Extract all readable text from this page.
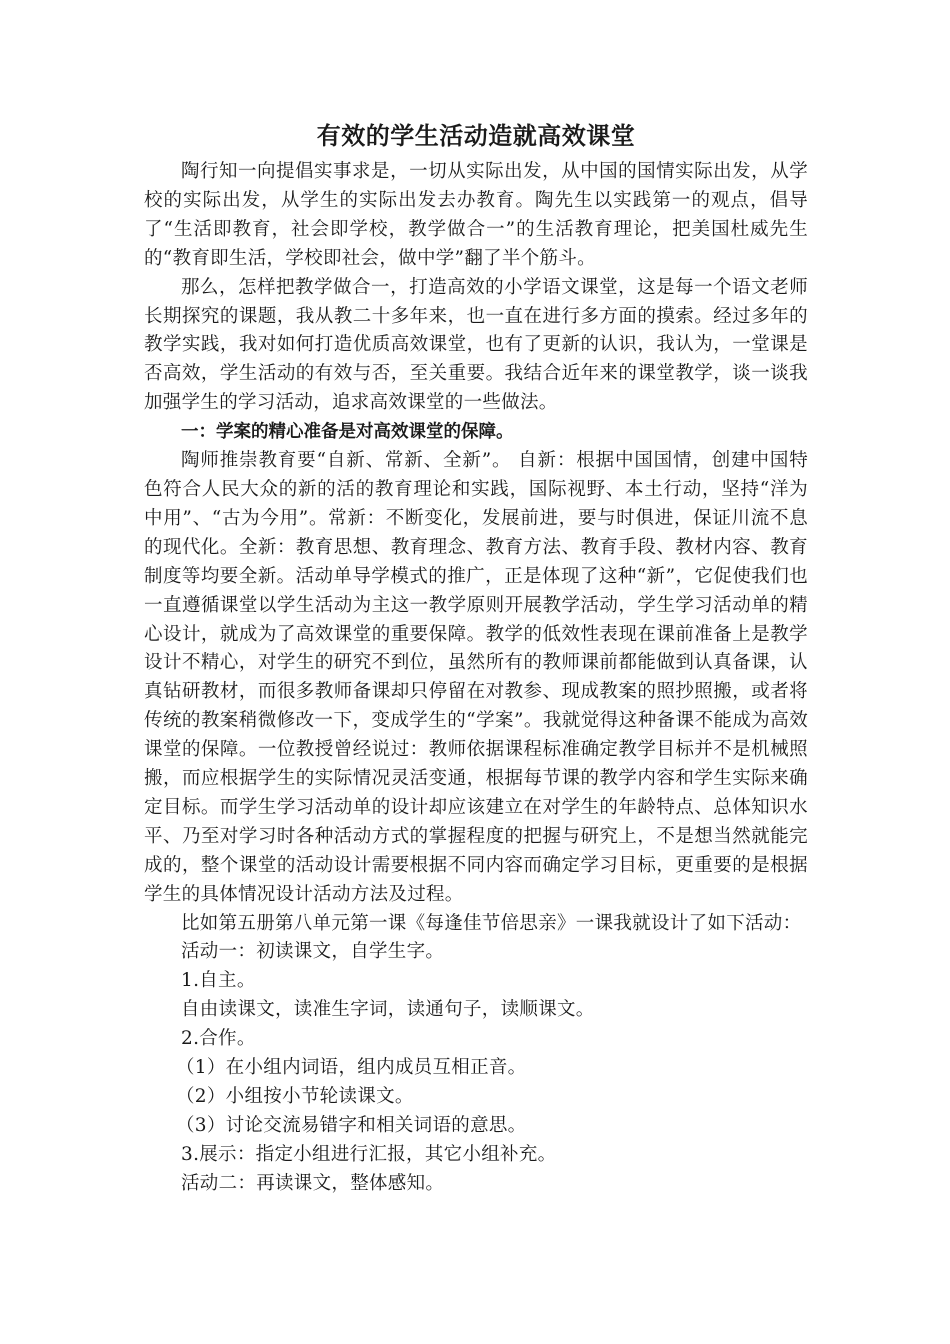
有效的学生活动造就高效课堂

陶行知一向提倡实事求是，一切从实际出发，从中国的国情实际出发，从学校的实际出发，从学生的实际出发去办教育。陶先生以实践第一的观点，倡导了“生活即教育，社会即学校，教学做合一”的生活教育理论，把美国杜威先生的“教育即生活，学校即社会，做中学”翻了半个筋斗。

那么，怎样把教学做合一，打造高效的小学语文课堂，这是每一个语文老师长期探究的课题，我从教二十多年来，也一直在进行多方面的摸索。经过多年的教学实践，我对如何打造优质高效课堂，也有了更新的认识，我认为，一堂课是否高效，学生活动的有效与否，至关重要。我结合近年来的课堂教学，谈一谈我加强学生的学习活动，追求高效课堂的一些做法。

一：学案的精心准备是对高效课堂的保障。

陶师推崇教育要“自新、常新、全新”。 自新：根据中国国情，创建中国特色符合人民大众的新的活的教育理论和实践，国际视野、本土行动，坚持“洋为中用”、“古为今用”。常新：不断变化，发展前进，要与时俱进，保证川流不息的现代化。全新：教育思想、教育理念、教育方法、教育手段、教材内容、教育制度等均要全新。活动单导学模式的推广，正是体现了这种“新”，它促使我们也一直遵循课堂以学生活动为主这一教学原则开展教学活动，学生学习活动单的精心设计，就成为了高效课堂的重要保障。教学的低效性表现在课前准备上是教学设计不精心，对学生的研究不到位，虽然所有的教师课前都能做到认真备课，认真钻研教材，而很多教师备课却只停留在对教参、现成教案的照抄照搬，或者将传统的教案稍微修改一下，变成学生的“学案”。我就觉得这种备课不能成为高效课堂的保障。一位教授曾经说过：教师依据课程标准确定教学目标并不是机械照搬，而应根据学生的实际情况灵活变通，根据每节课的教学内容和学生实际来确定目标。而学生学习活动单的设计却应该建立在对学生的年龄特点、总体知识水平、乃至对学习时各种活动方式的掌握程度的把握与研究上，不是想当然就能完成的，整个课堂的活动设计需要根据不同内容而确定学习目标，更重要的是根据学生的具体情况设计活动方法及过程。

比如第五册第八单元第一课《每逢佳节倍思亲》一课我就设计了如下活动：

活动一：初读课文，自学生字。

1.自主。

自由读课文，读准生字词，读通句子，读顺课文。

2.合作。

（1）在小组内词语，组内成员互相正音。

（2）小组按小节轮读课文。

（3）讨论交流易错字和相关词语的意思。

3.展示：指定小组进行汇报，其它小组补充。

活动二：再读课文，整体感知。
